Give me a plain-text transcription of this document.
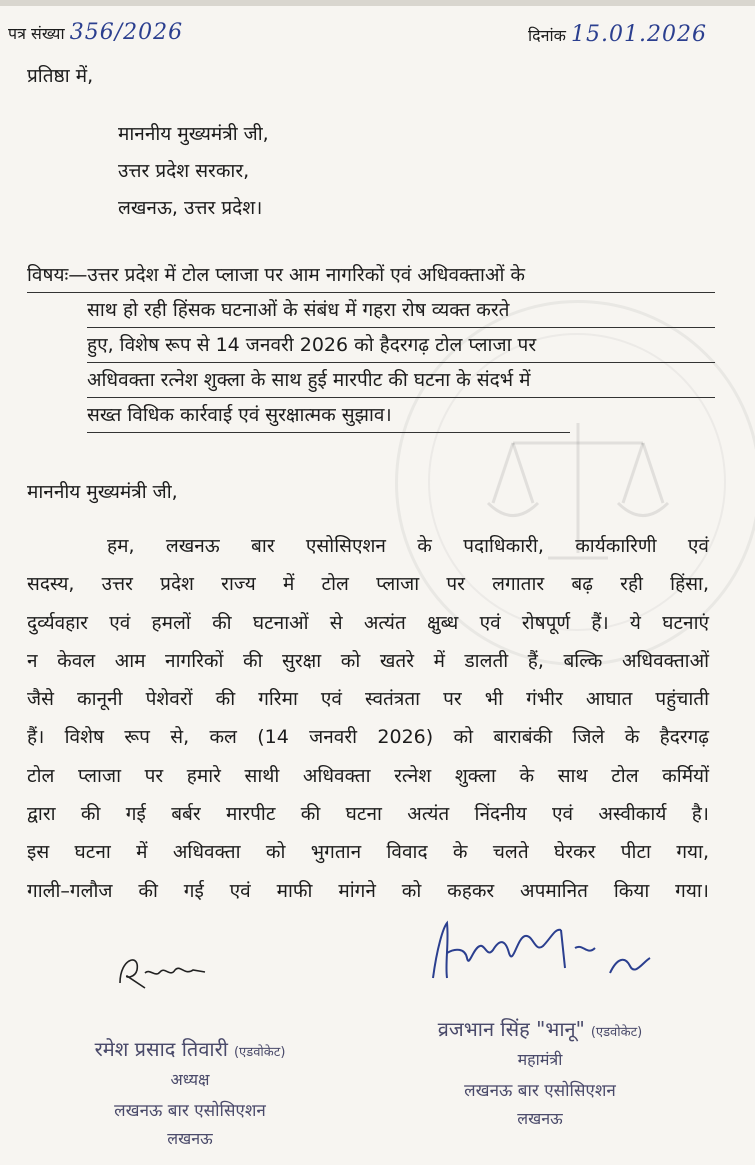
पत्र संख्या 356/2026	दिनांक 15.01.2026
प्रतिष्ठा में,
माननीय मुख्यमंत्री जी,
उत्तर प्रदेश सरकार,
लखनऊ, उत्तर प्रदेश।
विषयः—उत्तर प्रदेश में टोल प्लाजा पर आम नागरिकों एवं अधिवक्ताओं के
साथ हो रही हिंसक घटनाओं के संबंध में गहरा रोष व्यक्त करते
हुए, विशेष रूप से 14 जनवरी 2026 को हैदरगढ़ टोल प्लाजा पर
अधिवक्ता रत्नेश शुक्ला के साथ हुई मारपीट की घटना के संदर्भ में
सख्त विधिक कार्रवाई एवं सुरक्षात्मक सुझाव।
माननीय मुख्यमंत्री जी,
हम, लखनऊ बार एसोसिएशन के पदाधिकारी, कार्यकारिणी एवं
सदस्य, उत्तर प्रदेश राज्य में टोल प्लाजा पर लगातार बढ़ रही हिंसा,
दुर्व्यवहार एवं हमलों की घटनाओं से अत्यंत क्षुब्ध एवं रोषपूर्ण हैं। ये घटनाएं
न केवल आम नागरिकों की सुरक्षा को खतरे में डालती हैं, बल्कि अधिवक्ताओं
जैसे कानूनी पेशेवरों की गरिमा एवं स्वतंत्रता पर भी गंभीर आघात पहुंचाती
हैं। विशेष रूप से, कल (14 जनवरी 2026) को बाराबंकी जिले के हैदरगढ़
टोल प्लाजा पर हमारे साथी अधिवक्ता रत्नेश शुक्ला के साथ टोल कर्मियों
द्वारा की गई बर्बर मारपीट की घटना अत्यंत निंदनीय एवं अस्वीकार्य है।
इस घटना में अधिवक्ता को भुगतान विवाद के चलते घेरकर पीटा गया,
गाली–गलौज की गई एवं माफी मांगने को कहकर अपमानित किया गया।
रमेश प्रसाद तिवारी (एडवोकेट)
अध्यक्ष
लखनऊ बार एसोसिएशन
लखनऊ
व्रजभान सिंह "भानू" (एडवोकेट)
महामंत्री
लखनऊ बार एसोसिएशन
लखनऊ
